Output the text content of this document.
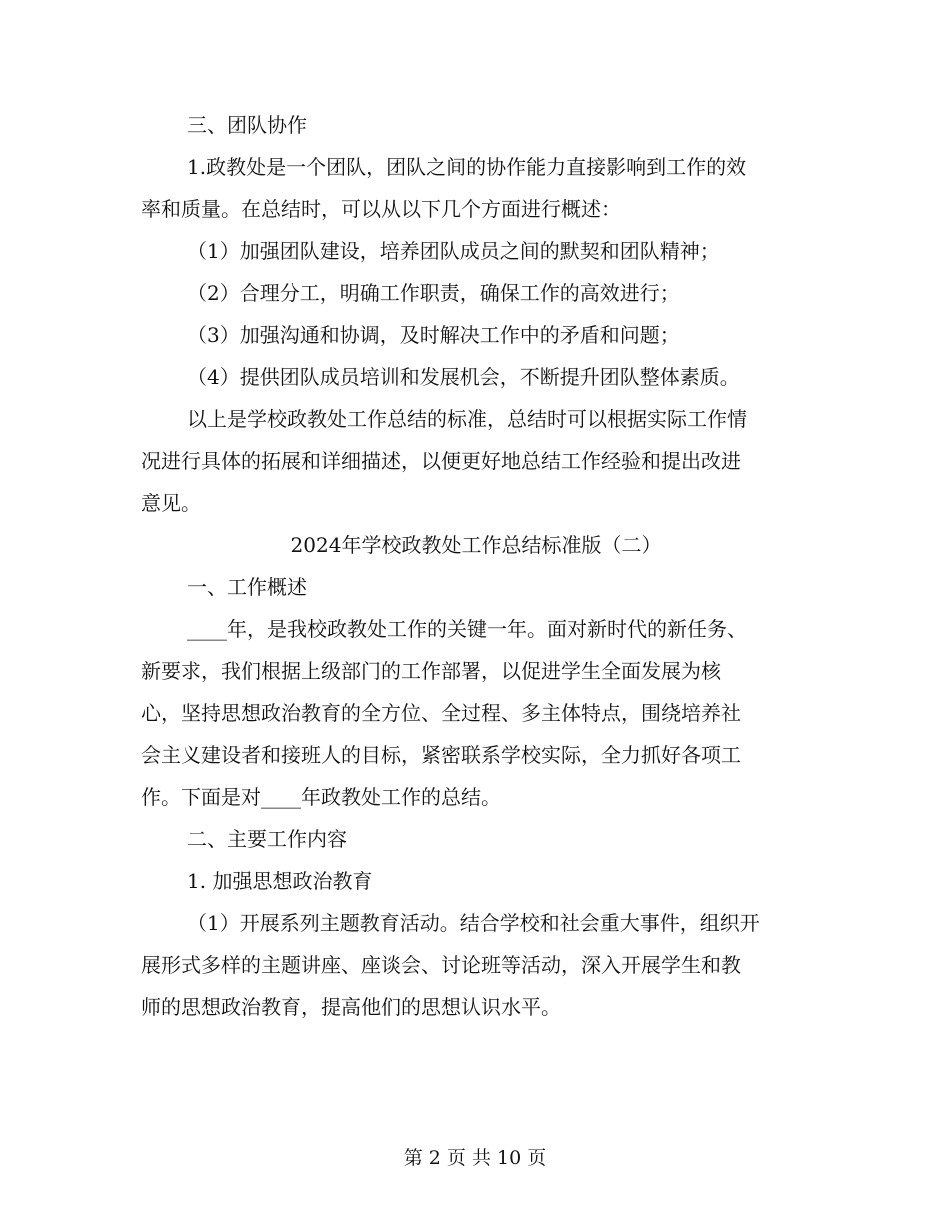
三、团队协作

1.政教处是一个团队，团队之间的协作能力直接影响到工作的效

率和质量。在总结时，可以从以下几个方面进行概述：

（1）加强团队建设，培养团队成员之间的默契和团队精神；

（2）合理分工，明确工作职责，确保工作的高效进行；

（3）加强沟通和协调，及时解决工作中的矛盾和问题；

（4）提供团队成员培训和发展机会，不断提升团队整体素质。

以上是学校政教处工作总结的标准，总结时可以根据实际工作情

况进行具体的拓展和详细描述，以便更好地总结工作经验和提出改进

意见。

2024年学校政教处工作总结标准版（二）

一、工作概述

____年，是我校政教处工作的关键一年。面对新时代的新任务、

新要求，我们根据上级部门的工作部署，以促进学生全面发展为核

心，坚持思想政治教育的全方位、全过程、多主体特点，围绕培养社

会主义建设者和接班人的目标，紧密联系学校实际，全力抓好各项工

作。下面是对____年政教处工作的总结。

二、主要工作内容

1. 加强思想政治教育

（1）开展系列主题教育活动。结合学校和社会重大事件，组织开

展形式多样的主题讲座、座谈会、讨论班等活动，深入开展学生和教

师的思想政治教育，提高他们的思想认识水平。

第 2 页 共 10 页
